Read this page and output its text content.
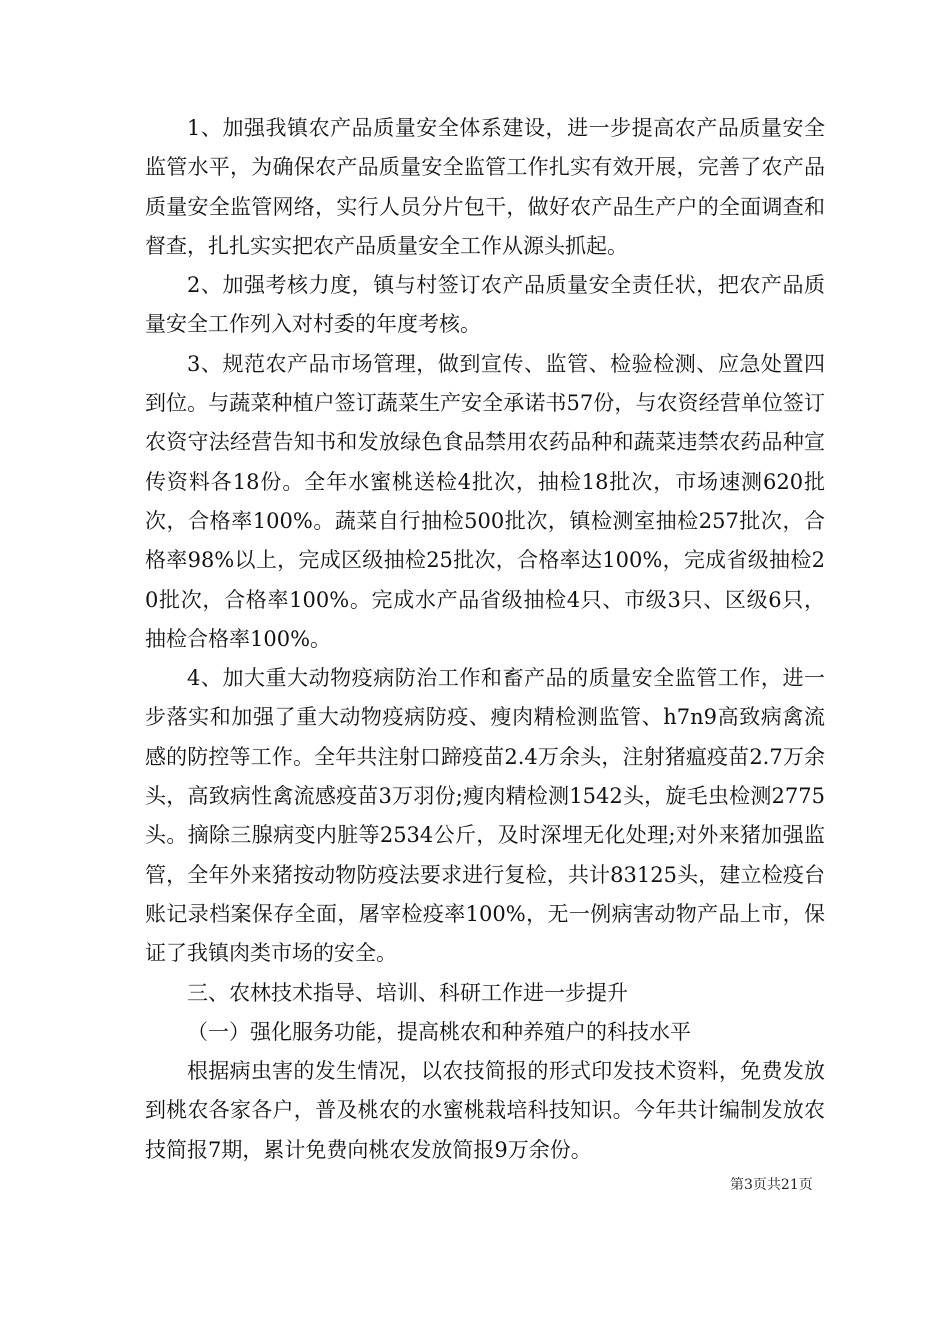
1、加强我镇农产品质量安全体系建设，进一步提高农产品质量安全监管水平，为确保农产品质量安全监管工作扎实有效开展，完善了农产品质量安全监管网络，实行人员分片包干，做好农产品生产户的全面调查和督查，扎扎实实把农产品质量安全工作从源头抓起。

2、加强考核力度，镇与村签订农产品质量安全责任状，把农产品质量安全工作列入对村委的年度考核。

3、规范农产品市场管理，做到宣传、监管、检验检测、应急处置四到位。与蔬菜种植户签订蔬菜生产安全承诺书57份，与农资经营单位签订农资守法经营告知书和发放绿色食品禁用农药品种和蔬菜违禁农药品种宣传资料各18份。全年水蜜桃送检4批次，抽检18批次，市场速测620批次，合格率100%。蔬菜自行抽检500批次，镇检测室抽检257批次，合格率98%以上，完成区级抽检25批次，合格率达100%，完成省级抽检20批次，合格率100%。完成水产品省级抽检4只、市级3只、区级6只，抽检合格率100%。

4、加大重大动物疫病防治工作和畜产品的质量安全监管工作，进一步落实和加强了重大动物疫病防疫、瘦肉精检测监管、h7n9高致病禽流感的防控等工作。全年共注射口蹄疫苗2.4万余头，注射猪瘟疫苗2.7万余头，高致病性禽流感疫苗3万羽份;瘦肉精检测1542头，旋毛虫检测2775头。摘除三腺病变内脏等2534公斤，及时深埋无化处理;对外来猪加强监管，全年外来猪按动物防疫法要求进行复检，共计83125头，建立检疫台账记录档案保存全面，屠宰检疫率100%，无一例病害动物产品上市，保证了我镇肉类市场的安全。

三、农林技术指导、培训、科研工作进一步提升

（一）强化服务功能，提高桃农和种养殖户的科技水平

根据病虫害的发生情况，以农技简报的形式印发技术资料，免费发放到桃农各家各户，普及桃农的水蜜桃栽培科技知识。今年共计编制发放农技简报7期，累计免费向桃农发放简报9万余份。

第3页共21页
